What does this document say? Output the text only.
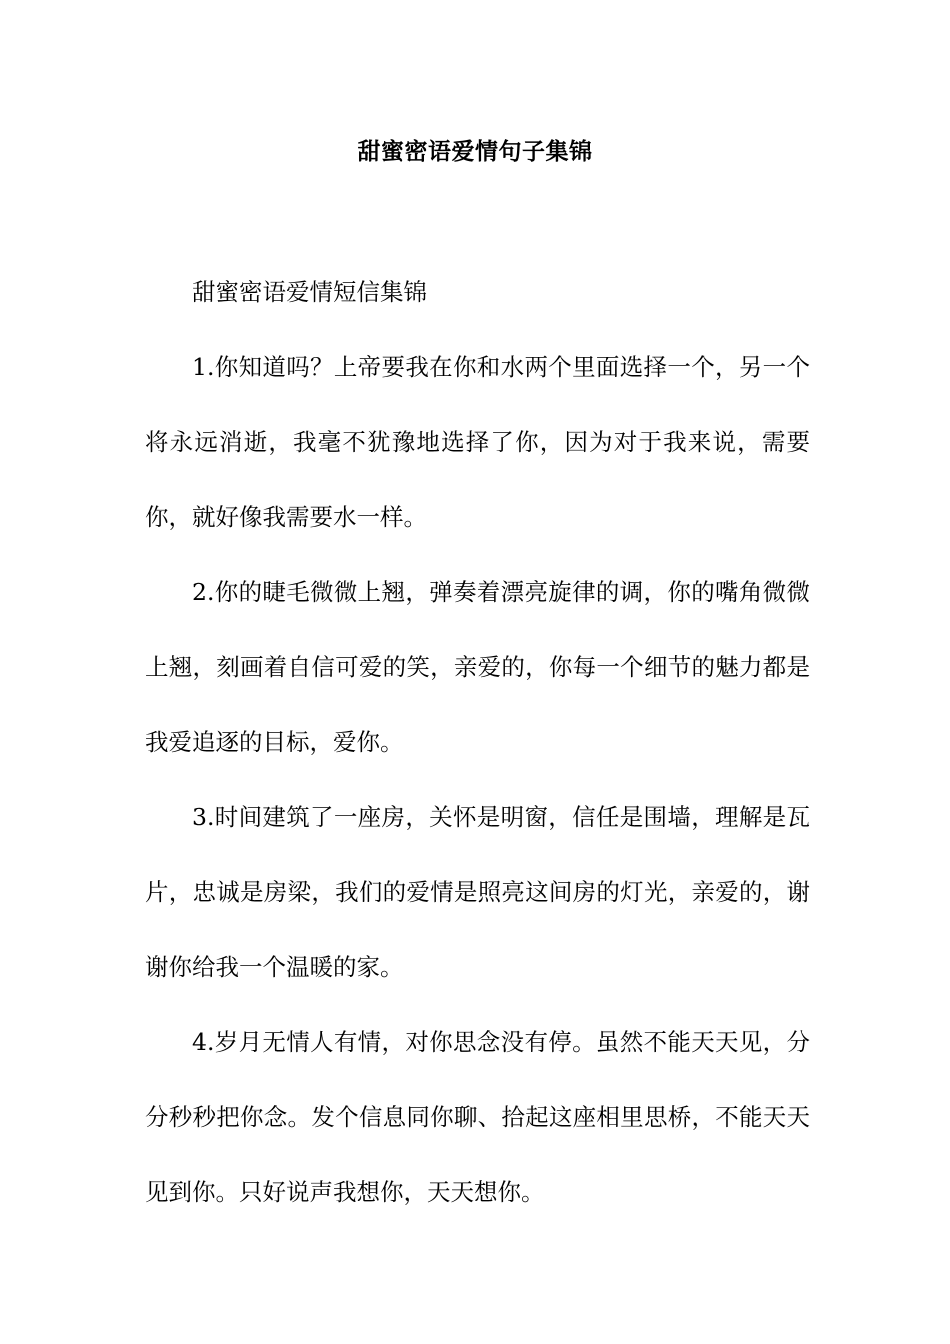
甜蜜密语爱情句子集锦

甜蜜密语爱情短信集锦

1.你知道吗？上帝要我在你和水两个里面选择一个，另一个将永远消逝，我毫不犹豫地选择了你，因为对于我来说，需要你，就好像我需要水一样。

2.你的睫毛微微上翘，弹奏着漂亮旋律的调，你的嘴角微微上翘，刻画着自信可爱的笑，亲爱的，你每一个细节的魅力都是我爱追逐的目标，爱你。

3.时间建筑了一座房，关怀是明窗，信任是围墙，理解是瓦片，忠诚是房梁，我们的爱情是照亮这间房的灯光，亲爱的，谢谢你给我一个温暖的家。

4.岁月无情人有情，对你思念没有停。虽然不能天天见，分分秒秒把你念。发个信息同你聊、拾起这座相里思桥，不能天天见到你。只好说声我想你，天天想你。
